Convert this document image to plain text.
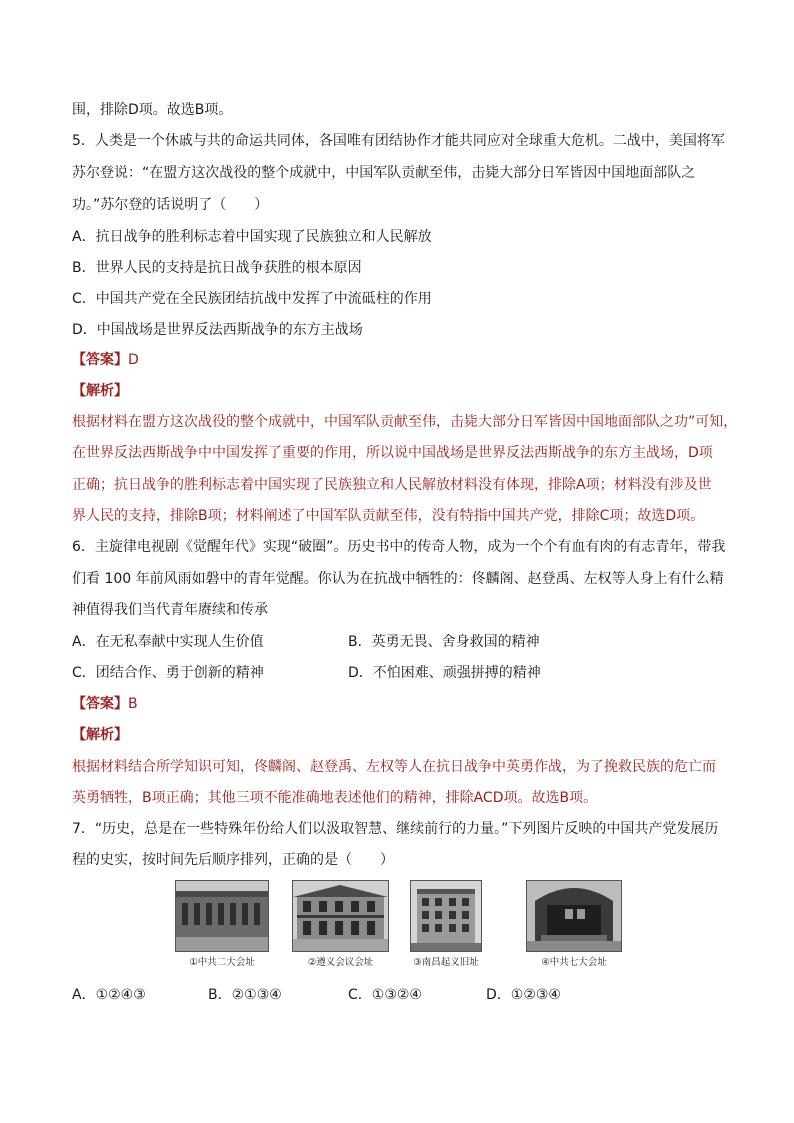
围，排除D项。故选B项。
5．人类是一个休戚与共的命运共同体，各国唯有团结协作才能共同应对全球重大危机。二战中，美国将军
苏尔登说：“在盟方这次战役的整个成就中，中国军队贡献至伟，击毙大部分日军皆因中国地面部队之
功。”苏尔登的话说明了（　　）
A．抗日战争的胜利标志着中国实现了民族独立和人民解放
B．世界人民的支持是抗日战争获胜的根本原因
C．中国共产党在全民族团结抗战中发挥了中流砥柱的作用
D．中国战场是世界反法西斯战争的东方主战场
【答案】D
【解析】
根据材料在盟方这次战役的整个成就中，中国军队贡献至伟，击毙大部分日军皆因中国地面部队之功”可知，
在世界反法西斯战争中中国发挥了重要的作用，所以说中国战场是世界反法西斯战争的东方主战场，D项
正确；抗日战争的胜利标志着中国实现了民族独立和人民解放材料没有体现，排除A项；材料没有涉及世
界人民的支持，排除B项；材料阐述了中国军队贡献至伟，没有特指中国共产党，排除C项；故选D项。
6．主旋律电视剧《觉醒年代》实现“破圈”。历史书中的传奇人物，成为一个个有血有肉的有志青年，带我
们看 100 年前风雨如磐中的青年觉醒。你认为在抗战中牺牲的：佟麟阁、赵登禹、左权等人身上有什么精
神值得我们当代青年赓续和传承
A．在无私奉献中实现人生价值	B．英勇无畏、舍身救国的精神
C．团结合作、勇于创新的精神	D．不怕困难、顽强拼搏的精神
【答案】B
【解析】
根据材料结合所学知识可知，佟麟阁、赵登禹、左权等人在抗日战争中英勇作战，为了挽救民族的危亡而
英勇牺牲，B项正确；其他三项不能准确地表述他们的精神，排除ACD项。故选B项。
7．“历史，总是在一些特殊年份给人们以汲取智慧、继续前行的力量。”下列图片反映的中国共产党发展历
程的史实，按时间先后顺序排列，正确的是（　　）
①中共二大会址	②遵义会议会址	③南昌起义旧址	④中共七大会址
A．①②④③	B．②①③④	C．①③②④	D．①②③④
